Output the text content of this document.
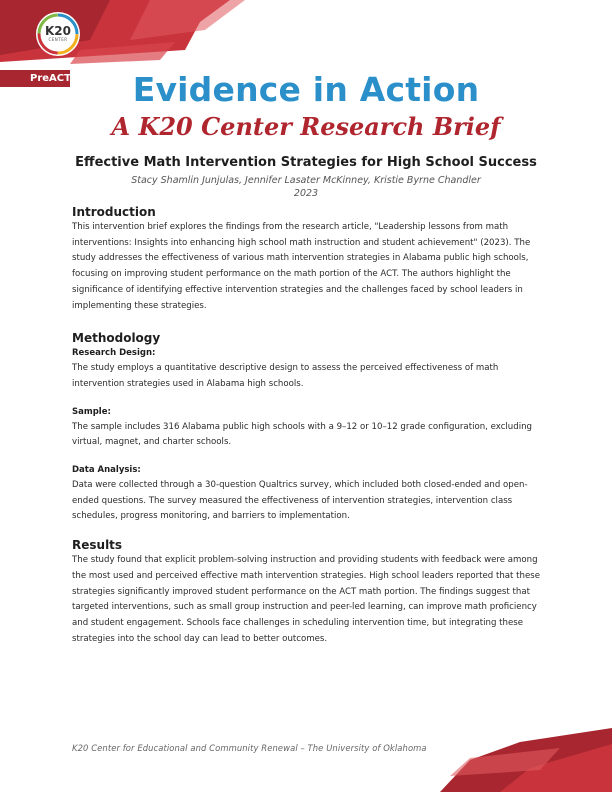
K20
CENTER
PreACT	Evidence in Action
A K20 Center Research Brief
Effective Math Intervention Strategies for High School Success
Stacy Shamlin Junjulas, Jennifer Lasater McKinney, Kristie Byrne Chandler
2023
Introduction

This intervention brief explores the findings from the research article, "Leadership lessons from math interventions: Insights into enhancing high school math instruction and student achievement" (2023). The study addresses the effectiveness of various math intervention strategies in Alabama public high schools, focusing on improving student performance on the math portion of the ACT. The authors highlight the significance of identifying effective intervention strategies and the challenges faced by school leaders in implementing these strategies.

Methodology
Research Design:

The study employs a quantitative descriptive design to assess the perceived effectiveness of math intervention strategies used in Alabama high schools.

Sample:

The sample includes 316 Alabama public high schools with a 9–12 or 10–12 grade configuration, excluding virtual, magnet, and charter schools.

Data Analysis:

Data were collected through a 30-question Qualtrics survey, which included both closed-ended and open-ended questions. The survey measured the effectiveness of intervention strategies, intervention class schedules, progress monitoring, and barriers to implementation.

Results

The study found that explicit problem-solving instruction and providing students with feedback were among the most used and perceived effective math intervention strategies. High school leaders reported that these strategies significantly improved student performance on the ACT math portion. The findings suggest that targeted interventions, such as small group instruction and peer-led learning, can improve math proficiency and student engagement. Schools face challenges in scheduling intervention time, but integrating these strategies into the school day can lead to better outcomes.

K20 Center for Educational and Community Renewal – The University of Oklahoma
